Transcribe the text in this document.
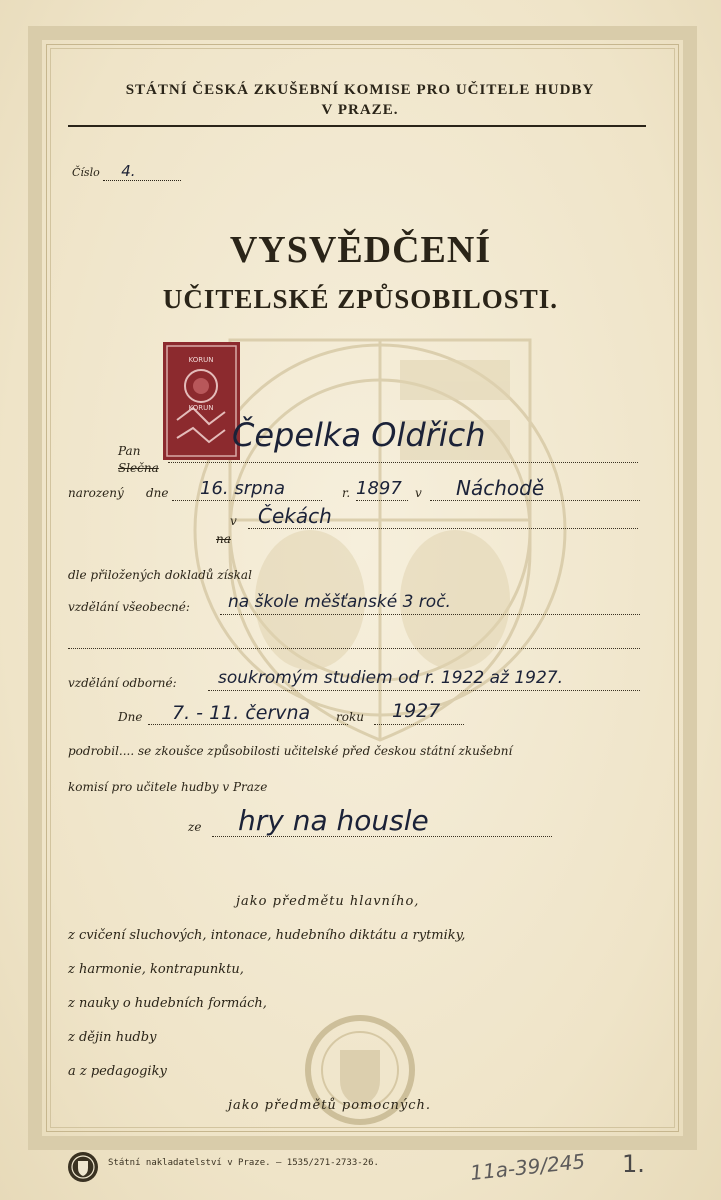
STÁTNÍ ČESKÁ ZKUŠEBNÍ KOMISE PRO UČITELE HUDBY
V PRAZE.
Číslo 4.
VYSVĚDČENÍ
UČITELSKÉ ZPŮSOBILOSTI.
KORUN
KORUN
Pan
Slečna
Čepelka Oldřich
narozený dne 16. srpna	r. 1897 v Náchodě
v
na
Čekách
dle přiložených dokladů získal
vzdělání všeobecné: na škole měšťanské 3 roč.
vzdělání odborné: soukromým studiem od r. 1922 až 1927.
Dne 7. - 11. června roku 1927
podrobil.... se zkoušce způsobilosti učitelské před českou státní zkušební
komisí pro učitele hudby v Praze
ze hry na housle
jako předmětu hlavního,
z cvičení sluchových, intonace, hudebního diktátu a rytmiky,
z harmonie, kontrapunktu,
z nauky o hudebních formách,
z dějin hudby
a z pedagogiky
jako předmětů pomocných.
Státní nakladatelství v Praze. — 1535/271-2733-26.	11a-39/245 1.
